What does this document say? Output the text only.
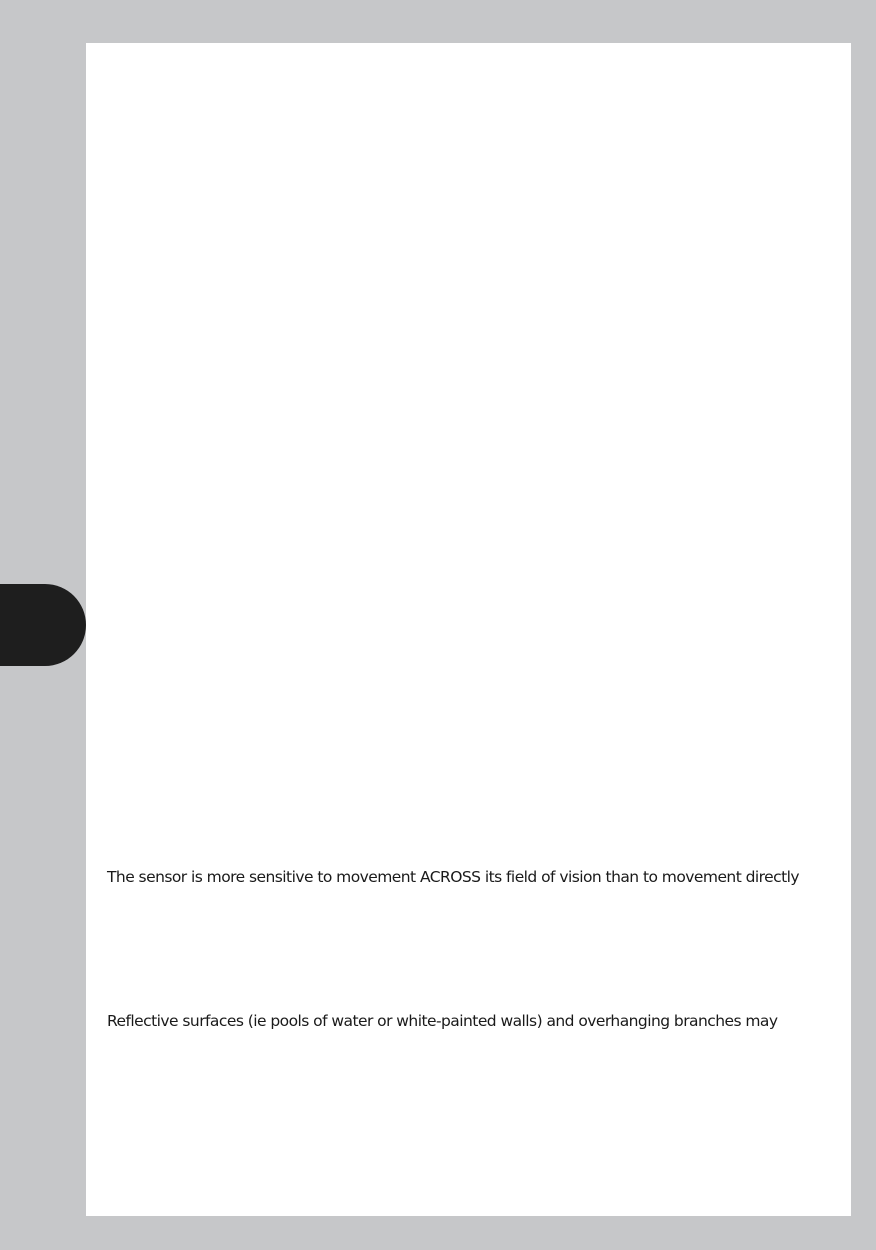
The sensor is more sensitive to movement ACROSS its field of vision than to movement directly

Reflective surfaces (ie pools of water or white-painted walls) and overhanging branches may
